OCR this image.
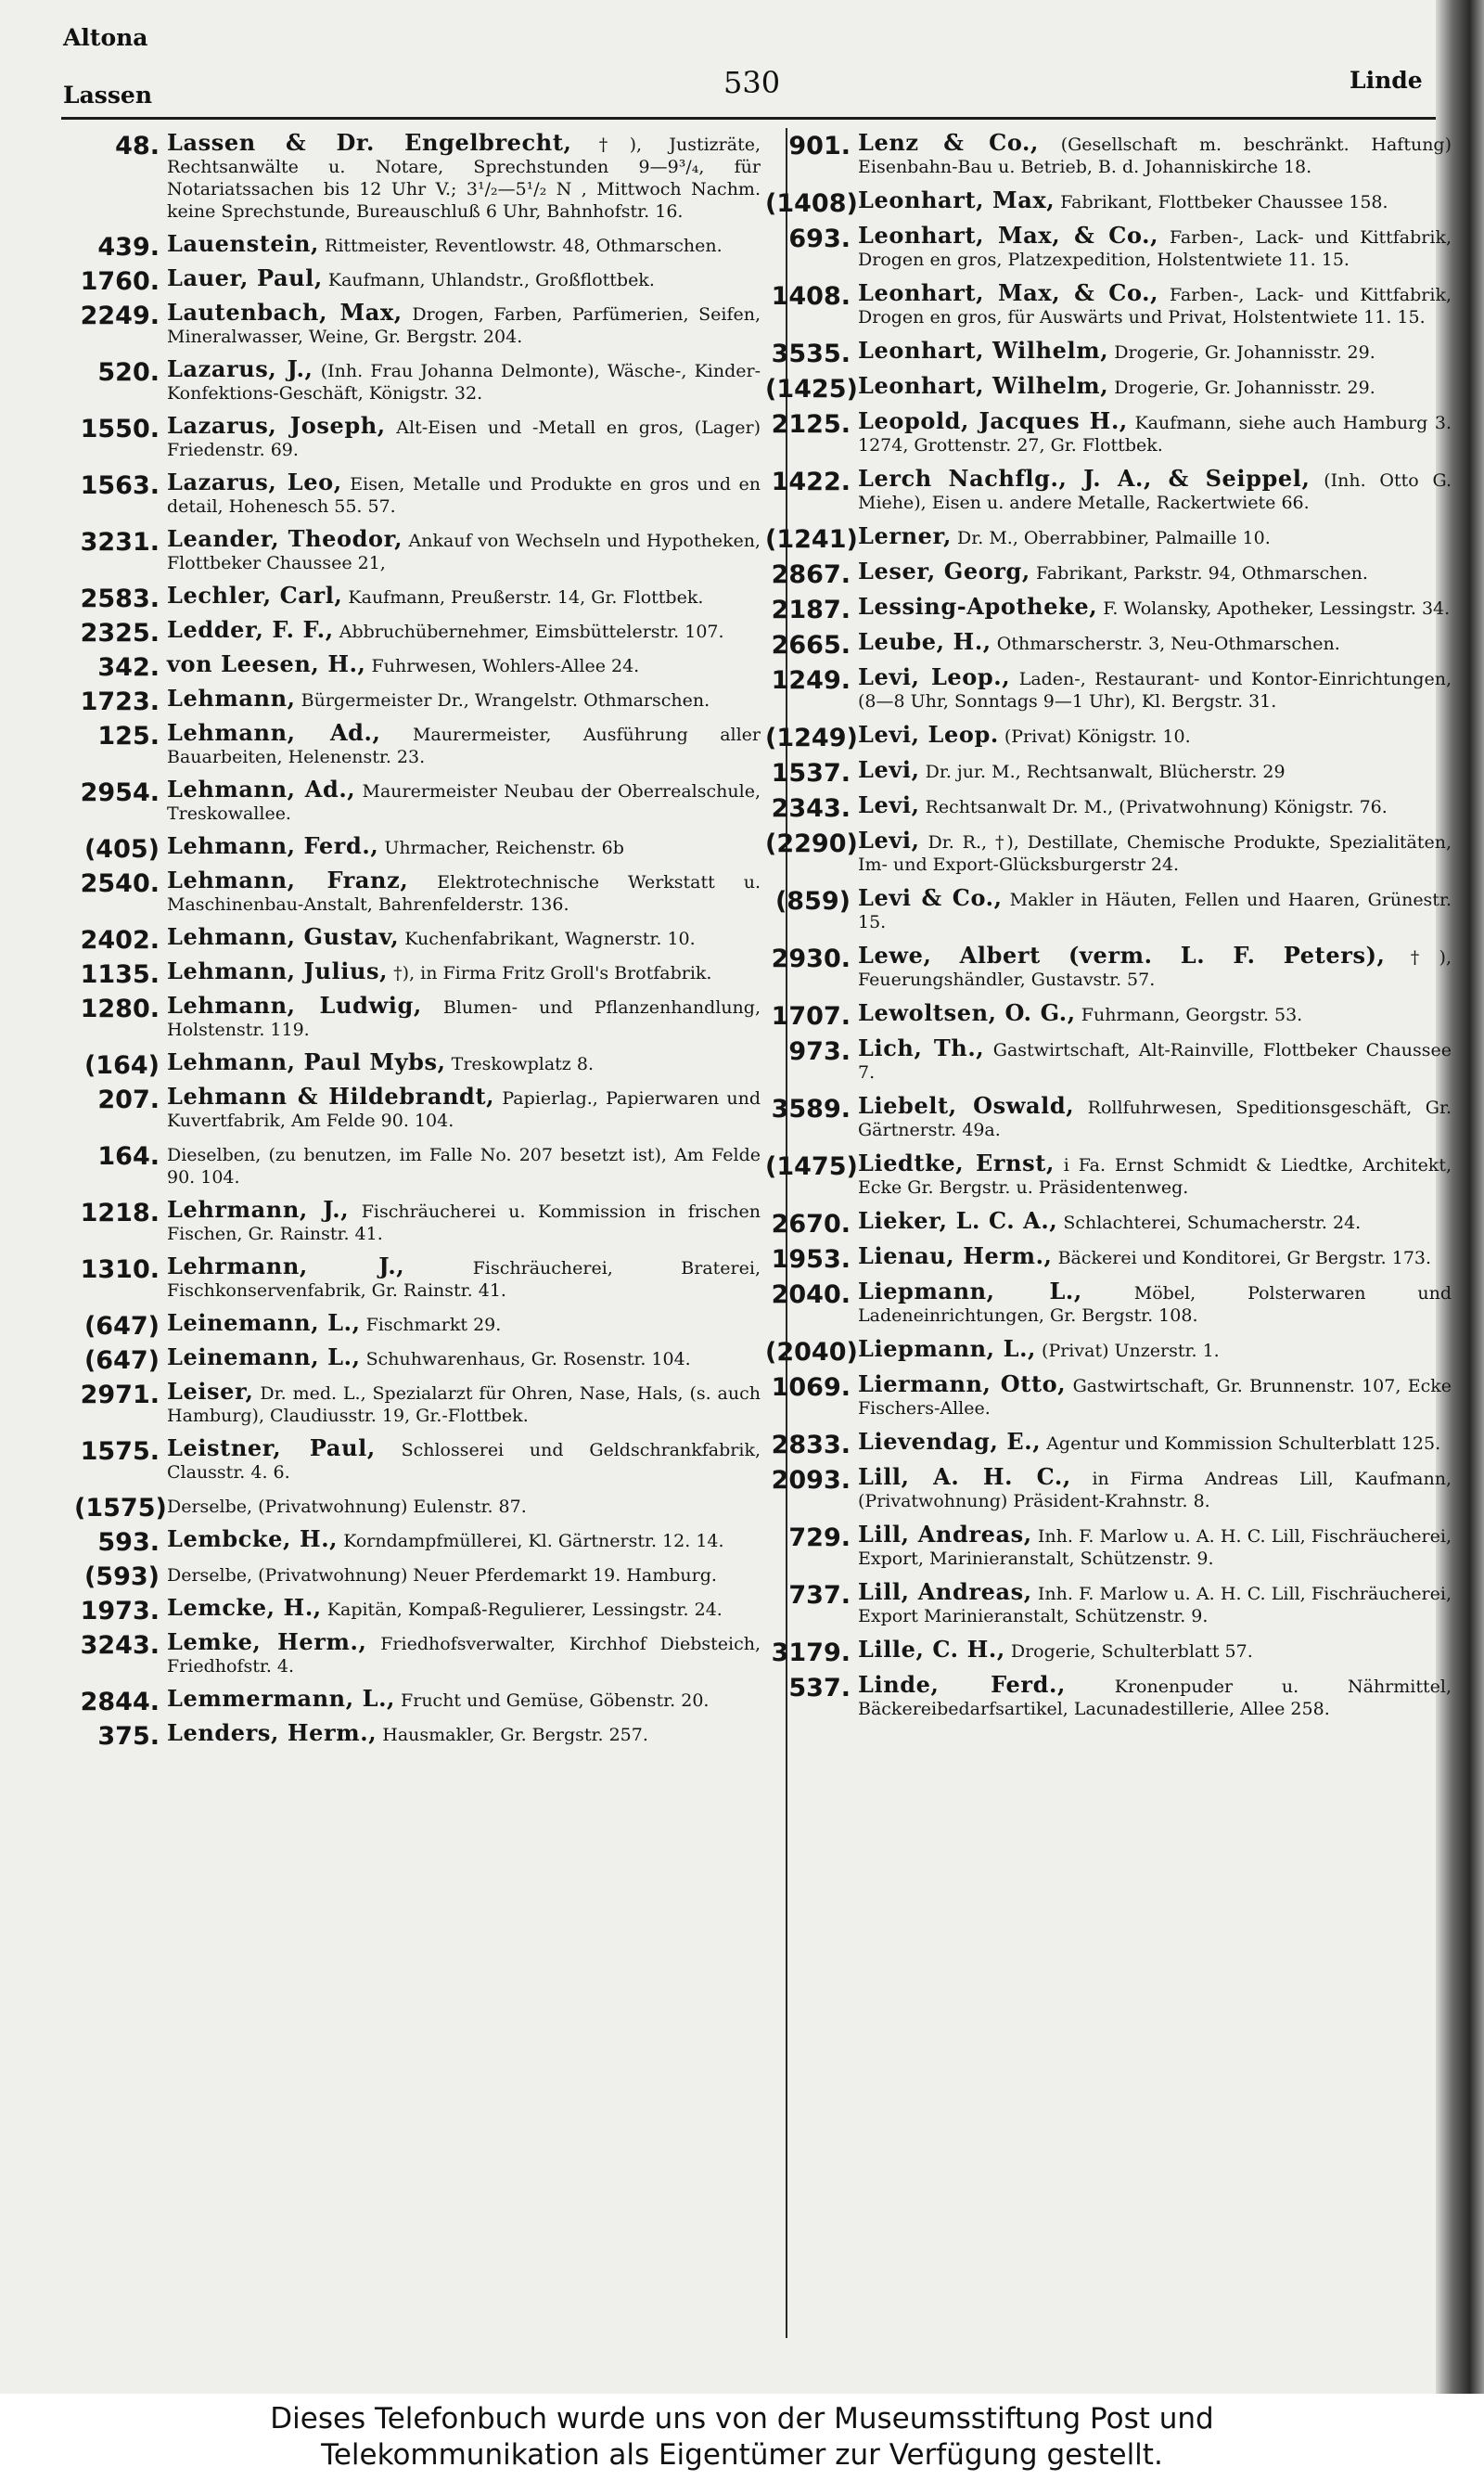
Altona
Lassen	530	Linde
48. Lassen & Dr. Engelbrecht, †), Justizräte, Rechtsanwälte u. Notare, Sprechstunden 9—9³/₄, für Notariatssachen bis 12 Uhr V.; 3¹/₂—5¹/₂ N , Mittwoch Nachm. keine Sprechstunde, Bureauschluß 6 Uhr, Bahnhofstr. 16.
439. Lauenstein, Rittmeister, Reventlowstr. 48, Othmarschen.
1760. Lauer, Paul, Kaufmann, Uhlandstr., Großflottbek.
2249. Lautenbach, Max, Drogen, Farben, Parfümerien, Seifen, Mineralwasser, Weine, Gr. Bergstr. 204.
520. Lazarus, J., (Inh. Frau Johanna Delmonte), Wäsche-, Kinder-Konfektions-Geschäft, Königstr. 32.
1550. Lazarus, Joseph, Alt-Eisen und -Metall en gros, (Lager) Friedenstr. 69.
1563. Lazarus, Leo, Eisen, Metalle und Produkte en gros und en detail, Hohenesch 55. 57.
3231. Leander, Theodor, Ankauf von Wechseln und Hypotheken, Flottbeker Chaussee 21,
2583. Lechler, Carl, Kaufmann, Preußerstr. 14, Gr. Flottbek.
2325. Ledder, F. F., Abbruchübernehmer, Eimsbüttelerstr. 107.
342. von Leesen, H., Fuhrwesen, Wohlers-Allee 24.
1723. Lehmann, Bürgermeister Dr., Wrangelstr. Othmarschen.
125. Lehmann, Ad., Maurermeister, Ausführung aller Bauarbeiten, Helenenstr. 23.
2954. Lehmann, Ad., Maurermeister Neubau der Oberrealschule, Treskowallee.
(405) Lehmann, Ferd., Uhrmacher, Reichenstr. 6b
2540. Lehmann, Franz, Elektrotechnische Werkstatt u. Maschinenbau-Anstalt, Bahrenfelderstr. 136.
2402. Lehmann, Gustav, Kuchenfabrikant, Wagnerstr. 10.
1135. Lehmann, Julius, †), in Firma Fritz Groll's Brotfabrik.
1280. Lehmann, Ludwig, Blumen- und Pflanzenhandlung, Holstenstr. 119.
(164) Lehmann, Paul Mybs, Treskowplatz 8.
207. Lehmann & Hildebrandt, Papierlag., Papierwaren und Kuvertfabrik, Am Felde 90. 104.
164. Dieselben, (zu benutzen, im Falle No. 207 besetzt ist), Am Felde 90. 104.
1218. Lehrmann, J., Fischräucherei u. Kommission in frischen Fischen, Gr. Rainstr. 41.
1310. Lehrmann, J.,	Fischräucherei, Braterei, Fischkonservenfabrik, Gr. Rainstr. 41.
(647) Leinemann, L., Fischmarkt 29.
(647) Leinemann, L., Schuhwarenhaus, Gr. Rosenstr. 104.
2971. Leiser, Dr. med. L., Spezialarzt für Ohren, Nase, Hals, (s. auch Hamburg), Claudiusstr. 19, Gr.-Flottbek.
1575. Leistner, Paul, Schlosserei und Geldschrankfabrik, Clausstr. 4. 6.
(1575) Derselbe, (Privatwohnung) Eulenstr. 87.
593. Lembcke, H., Korndampfmüllerei, Kl. Gärtnerstr. 12. 14.
(593) Derselbe, (Privatwohnung) Neuer Pferdemarkt 19. Hamburg.
1973. Lemcke, H., Kapitän, Kompaß-Regulierer, Lessingstr. 24.
3243. Lemke, Herm., Friedhofsverwalter, Kirchhof Diebsteich, Friedhofstr. 4.
2844. Lemmermann, L., Frucht und Gemüse, Göbenstr. 20.
375. Lenders, Herm., Hausmakler, Gr. Bergstr. 257.
901. Lenz & Co., (Gesellschaft m. beschränkt. Haftung) Eisenbahn-Bau u. Betrieb, B. d. Johanniskirche 18.
(1408) Leonhart, Max, Fabrikant, Flottbeker Chaussee 158.
693. Leonhart, Max, & Co., Farben-, Lack- und Kittfabrik, Drogen en gros, Platzexpedition, Holstentwiete 11. 15.
1408. Leonhart, Max, & Co., Farben-, Lack- und Kittfabrik, Drogen en gros, für Auswärts und Privat, Holstentwiete 11. 15.
3535. Leonhart, Wilhelm, Drogerie, Gr. Johannisstr. 29.
(1425) Leonhart, Wilhelm, Drogerie, Gr. Johannisstr. 29.
2125. Leopold, Jacques H., Kaufmann, siehe auch Hamburg 3. 1274, Grottenstr. 27, Gr. Flottbek.
1422. Lerch Nachflg., J. A., & Seippel, (Inh. Otto G. Miehe), Eisen u. andere Metalle, Rackertwiete 66.
(1241) Lerner, Dr. M., Oberrabbiner, Palmaille 10.
2867. Leser, Georg, Fabrikant, Parkstr. 94, Othmarschen.
2187. Lessing-Apotheke, F. Wolansky, Apotheker, Lessingstr. 34.
2665. Leube, H., Othmarscherstr. 3, Neu-Othmarschen.
1249. Levi, Leop., Laden-, Restaurant- und Kontor-Einrichtungen, (8—8 Uhr, Sonntags 9—1 Uhr), Kl. Bergstr. 31.
(1249) Levi, Leop. (Privat) Königstr. 10.
1537. Levi, Dr. jur. M., Rechtsanwalt, Blücherstr. 29
2343. Levi, Rechtsanwalt Dr. M., (Privatwohnung) Königstr. 76.
(2290) Levi, Dr. R., †), Destillate, Chemische Produkte, Spezialitäten, Im- und Export-Glücksburgerstr 24.
(859) Levi & Co., Makler in Häuten, Fellen und Haaren, Grünestr. 15.
2930. Lewe, Albert (verm. L. F. Peters), †), Feuerungshändler, Gustavstr. 57.
1707. Lewoltsen, O. G., Fuhrmann, Georgstr. 53.
973. Lich, Th., Gastwirtschaft, Alt-Rainville, Flottbeker Chaussee 7.
3589. Liebelt, Oswald, Rollfuhrwesen, Speditionsgeschäft, Gr. Gärtnerstr. 49a.
(1475) Liedtke, Ernst, i Fa. Ernst Schmidt & Liedtke, Architekt, Ecke Gr. Bergstr. u. Präsidentenweg.
2670. Lieker, L. C. A., Schlachterei, Schumacherstr. 24.
1953. Lienau, Herm., Bäckerei und Konditorei, Gr Bergstr. 173.
2040. Liepmann, L.,	Möbel, Polsterwaren und Ladeneinrichtungen, Gr. Bergstr. 108.
(2040) Liepmann, L., (Privat) Unzerstr. 1.
1069. Liermann, Otto, Gastwirtschaft, Gr. Brunnenstr. 107, Ecke Fischers-Allee.
2833. Lievendag, E., Agentur und Kommission Schulterblatt 125.
2093. Lill, A. H. C., in Firma Andreas Lill, Kaufmann, (Privatwohnung) Präsident-Krahnstr. 8.
729. Lill, Andreas, Inh. F. Marlow u. A. H. C. Lill, Fischräucherei, Export, Marinieranstalt, Schützenstr. 9.
737. Lill, Andreas, Inh. F. Marlow u. A. H. C. Lill, Fischräucherei, Export Marinieranstalt, Schützenstr. 9.
3179. Lille, C. H., Drogerie, Schulterblatt 57.
537. Linde, Ferd.,	Kronenpuder u. Nährmittel, Bäckereibedarfsartikel, Lacunadestillerie, Allee 258.
Dieses Telefonbuch wurde uns von der Museumsstiftung Post und
Telekommunikation als Eigentümer zur Verfügung gestellt.
